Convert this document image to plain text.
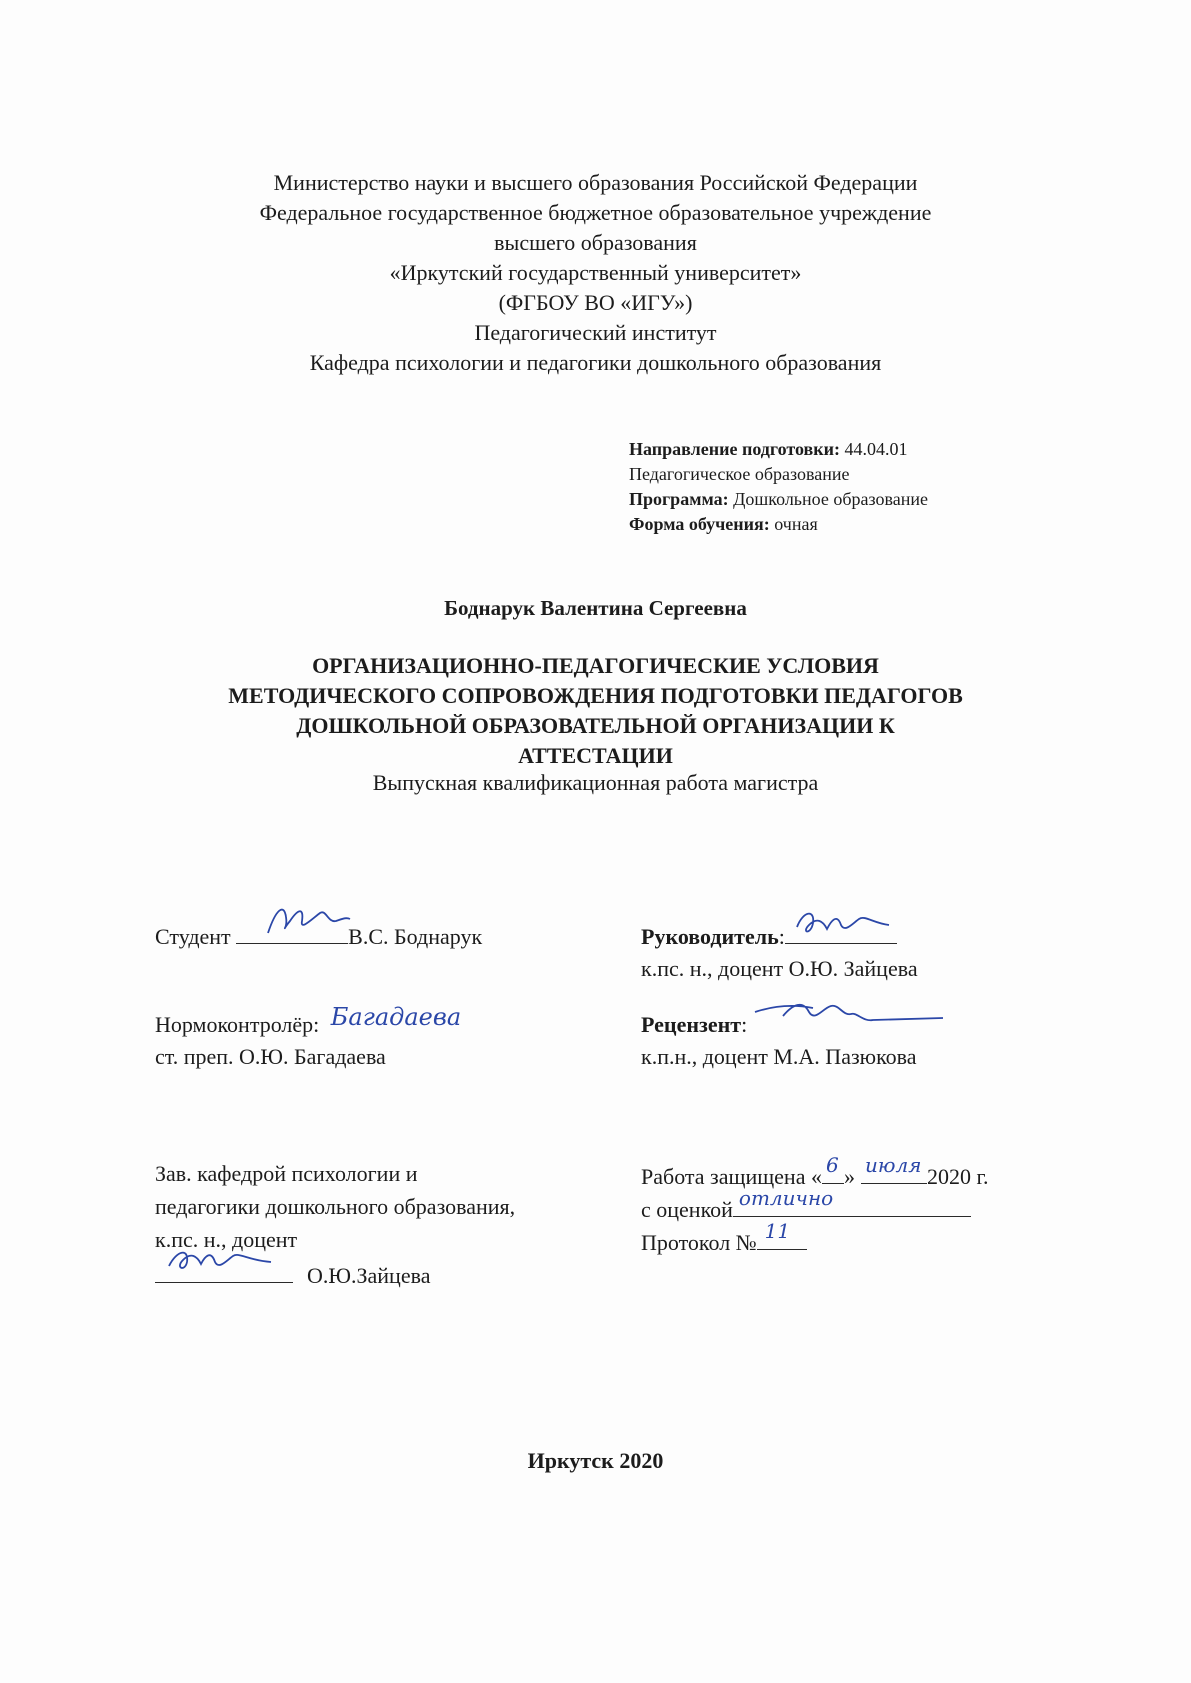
Министерство науки и высшего образования Российской Федерации
Федеральное государственное бюджетное образовательное учреждение
высшего образования
«Иркутский государственный университет»
(ФГБОУ ВО «ИГУ»)
Педагогический институт
Кафедра психологии и педагогики дошкольного образования
Направление подготовки: 44.04.01
Педагогическое образование
Программа: Дошкольное образование
Форма обучения: очная
Боднарук Валентина Сергеевна
ОРГАНИЗАЦИОННО-ПЕДАГОГИЧЕСКИЕ УСЛОВИЯ
МЕТОДИЧЕСКОГО СОПРОВОЖДЕНИЯ ПОДГОТОВКИ ПЕДАГОГОВ
ДОШКОЛЬНОЙ ОБРАЗОВАТЕЛЬНОЙ ОРГАНИЗАЦИИ К
АТТЕСТАЦИИ
Выпускная квалификационная работа магистра
Студент	В.С. Боднарук	Руководитель:
к.пс. н., доцент О.Ю. Зайцева
Нормоконтролёр: Багадаева
ст. преп. О.Ю. Багадаева
Рецензент:
к.п.н., доцент М.А. Пазюкова
Зав. кафедрой психологии и
педагогики дошкольного образования,
к.пс. н., доцент
О.Ю.Зайцева
Работа защищена « 6 » июля 2020 г.
с оценкой отлично
Протокол № 11
Иркутск 2020
